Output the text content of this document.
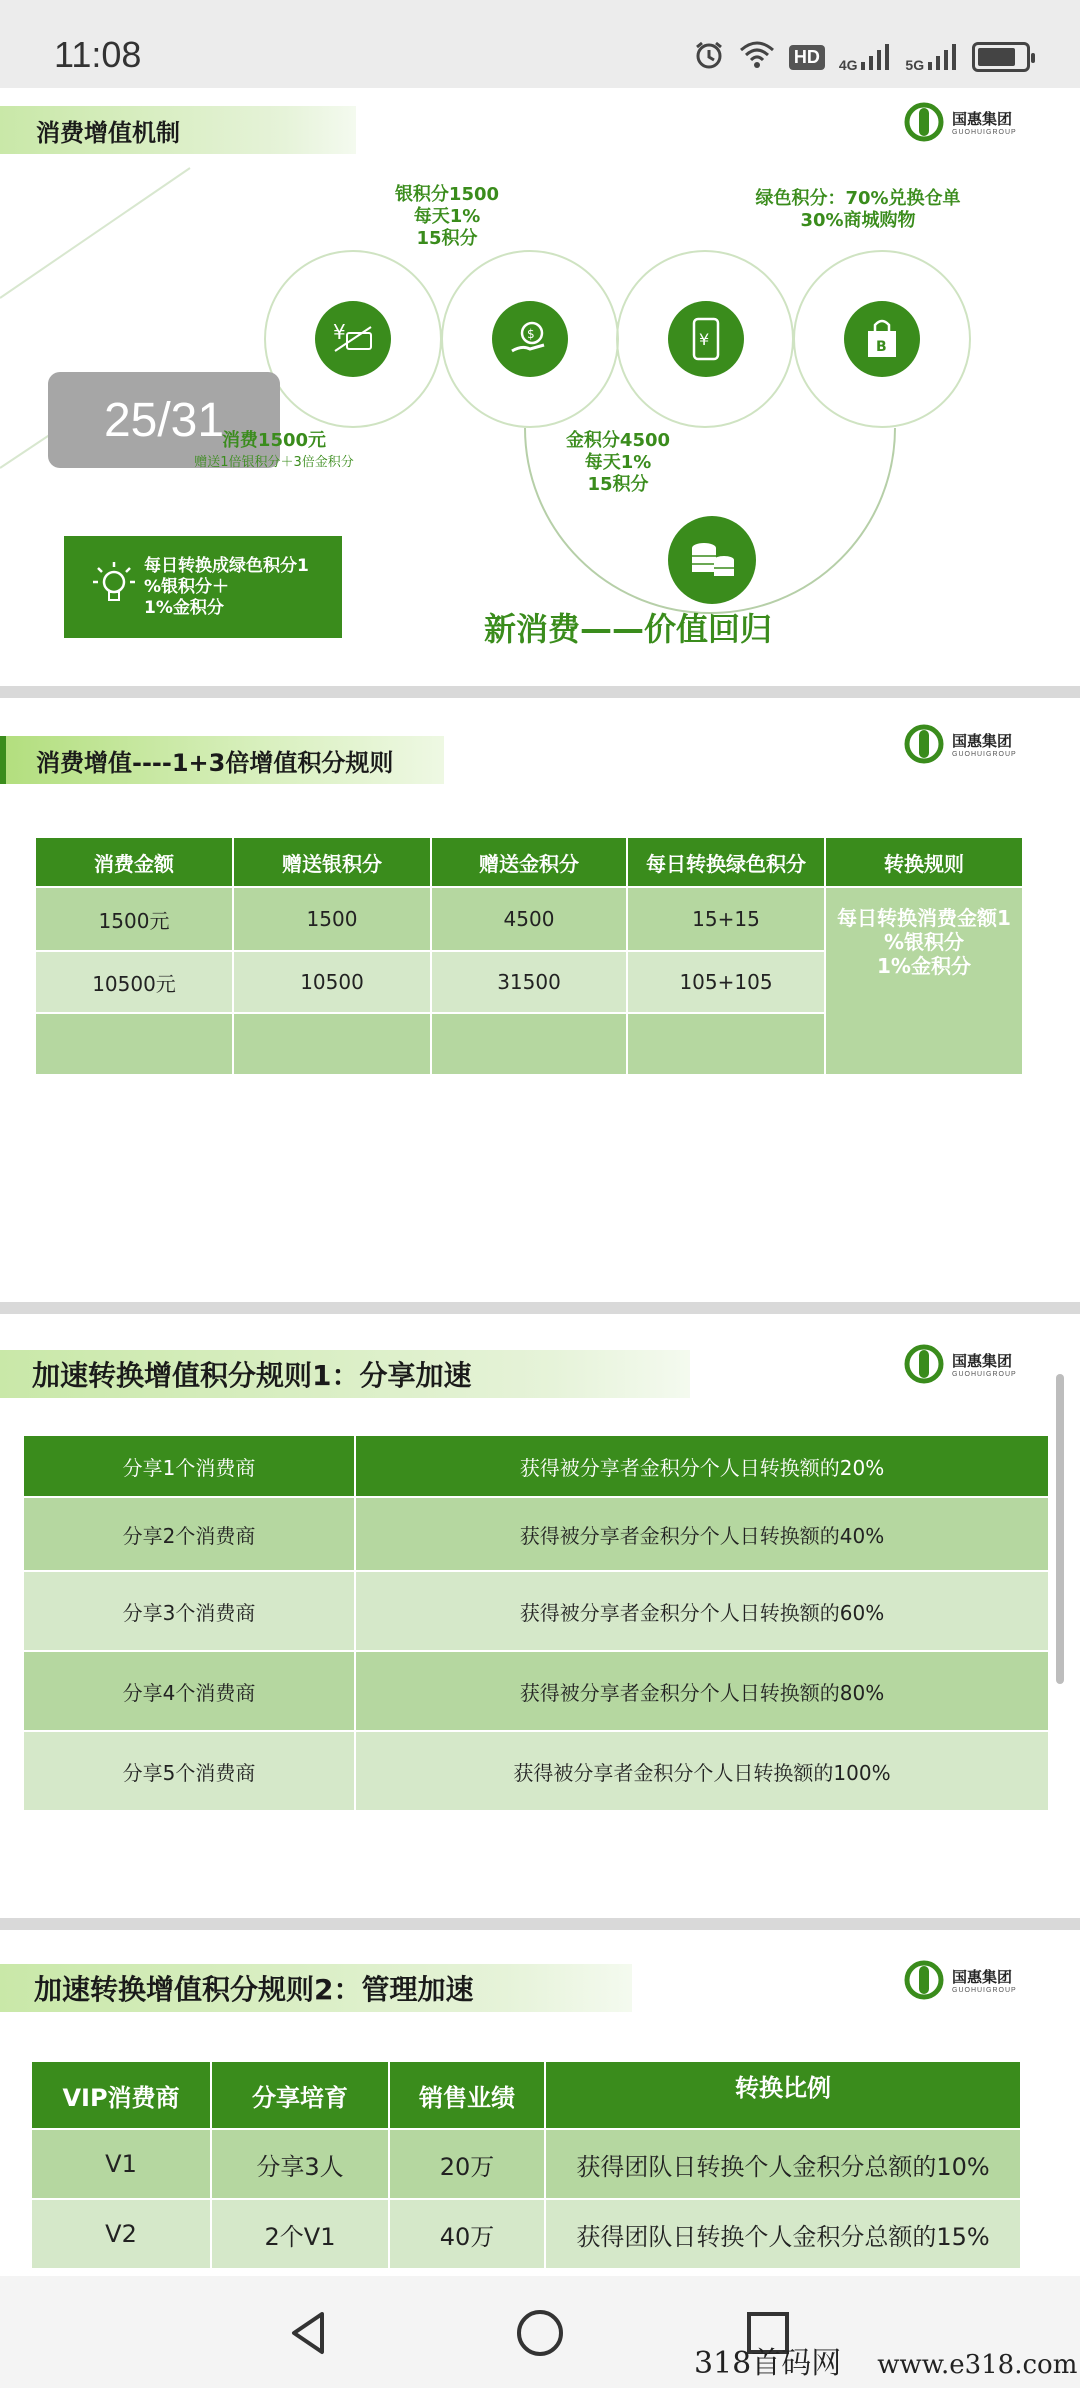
11:08	HD	4G	5G
消费增值机制	国惠集团
GUOHUIGROUP
25/31
¥	$	¥	B
银积分1500
每天1%
15积分
绿色积分：70%兑换仓单
30%商城购物
消费1500元
赠送1倍银积分＋3倍金积分
金积分4500
每天1%
15积分
每日转换成绿色积分1
%银积分＋
1%金积分
新消费——价值回归
消费增值----1+3倍增值积分规则
国惠集团
GUOHUIGROUP
消费金额	赠送银积分	赠送金积分	每日转换绿色积分	转换规则
1500元	1500	4500	15+15	每日转换消费金额1
%银积分
1%金积分

10500元	10500	31500	105+105	

加速转换增值积分规则1：分享加速	国惠集团
GUOHUIGROUP
分享1个消费商	获得被分享者金积分个人日转换额的20%
分享2个消费商	获得被分享者金积分个人日转换额的40%
分享3个消费商	获得被分享者金积分个人日转换额的60%
分享4个消费商	获得被分享者金积分个人日转换额的80%
分享5个消费商	获得被分享者金积分个人日转换额的100%
加速转换增值积分规则2：管理加速	国惠集团
GUOHUIGROUP
VIP消费商	分享培育	销售业绩	转换比例
V1	分享3人	20万	获得团队日转换个人金积分总额的10%
V2	2个V1	40万	获得团队日转换个人金积分总额的15%
318首码网 www.e318.com
